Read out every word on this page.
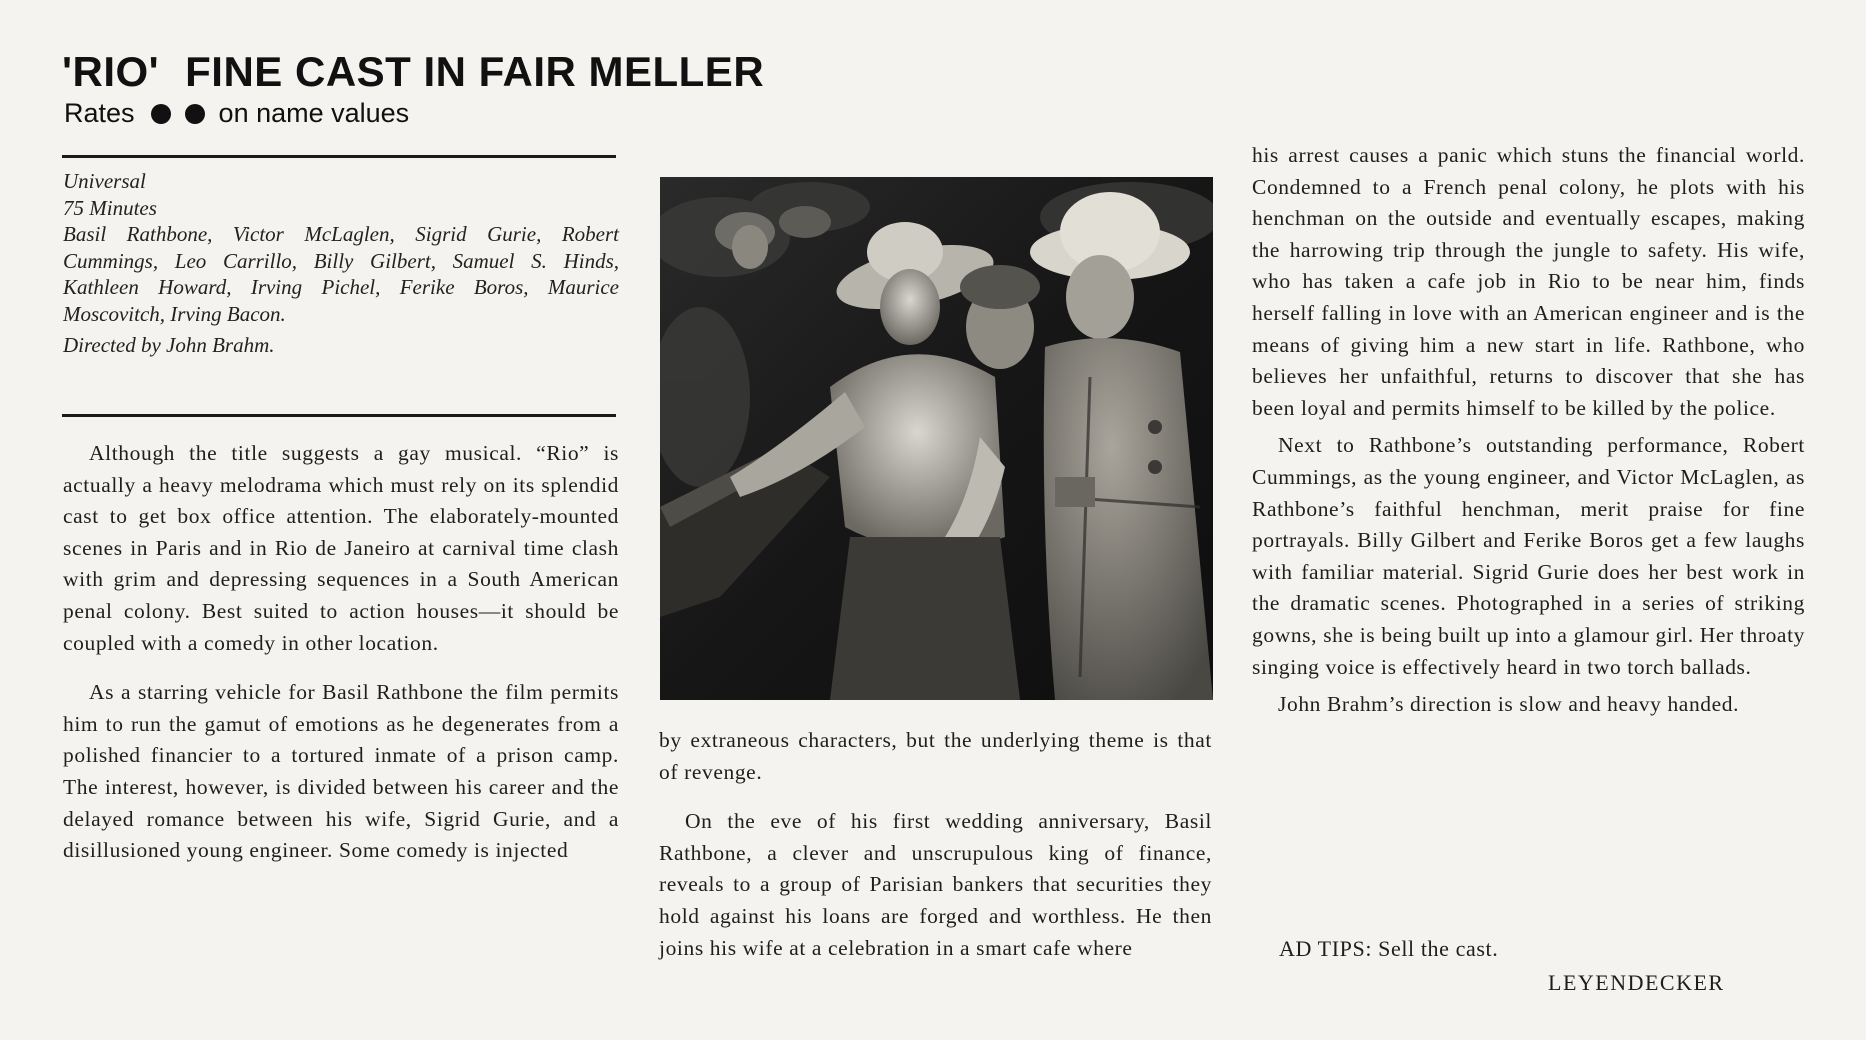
'RIO' FINE CAST IN FAIR MELLER
Rates	on name values

Universal

75 Minutes

Basil Rathbone, Victor McLaglen, Sigrid Gurie, Robert Cummings, Leo Carrillo, Billy Gilbert, Samuel S. Hinds, Kathleen Howard, Irving Pichel, Ferike Boros, Maurice Moscovitch, Irving Bacon.

Directed by John Brahm.

Although the title suggests a gay musical. “Rio” is actually a heavy melodrama which must rely on its splendid cast to get box office attention. The elaborately-mounted scenes in Paris and in Rio de Janeiro at carnival time clash with grim and depressing sequences in a South American penal colony. Best suited to action houses—it should be coupled with a comedy in other location.

As a starring vehicle for Basil Rathbone the film permits him to run the gamut of emotions as he degenerates from a polished financier to a tortured inmate of a prison camp. The interest, however, is divided between his career and the delayed romance between his wife, Sigrid Gurie, and a disillusioned young engineer. Some comedy is injected

by extraneous characters, but the underlying theme is that of revenge.

On the eve of his first wedding anniversary, Basil Rathbone, a clever and unscrupulous king of finance, reveals to a group of Parisian bankers that securities they hold against his loans are forged and worthless. He then joins his wife at a celebration in a smart cafe where

his arrest causes a panic which stuns the financial world. Condemned to a French penal colony, he plots with his henchman on the outside and eventually escapes, making the harrowing trip through the jungle to safety. His wife, who has taken a cafe job in Rio to be near him, finds herself falling in love with an American engineer and is the means of giving him a new start in life. Rathbone, who believes her unfaithful, returns to discover that she has been loyal and permits himself to be killed by the police.

Next to Rathbone’s outstanding performance, Robert Cummings, as the young engineer, and Victor McLaglen, as Rathbone’s faithful henchman, merit praise for fine portrayals. Billy Gilbert and Ferike Boros get a few laughs with familiar material. Sigrid Gurie does her best work in the dramatic scenes. Photographed in a series of striking gowns, she is being built up into a glamour girl. Her throaty singing voice is effectively heard in two torch ballads.

John Brahm’s direction is slow and heavy handed.

AD TIPS: Sell the cast.
LEYENDECKER
